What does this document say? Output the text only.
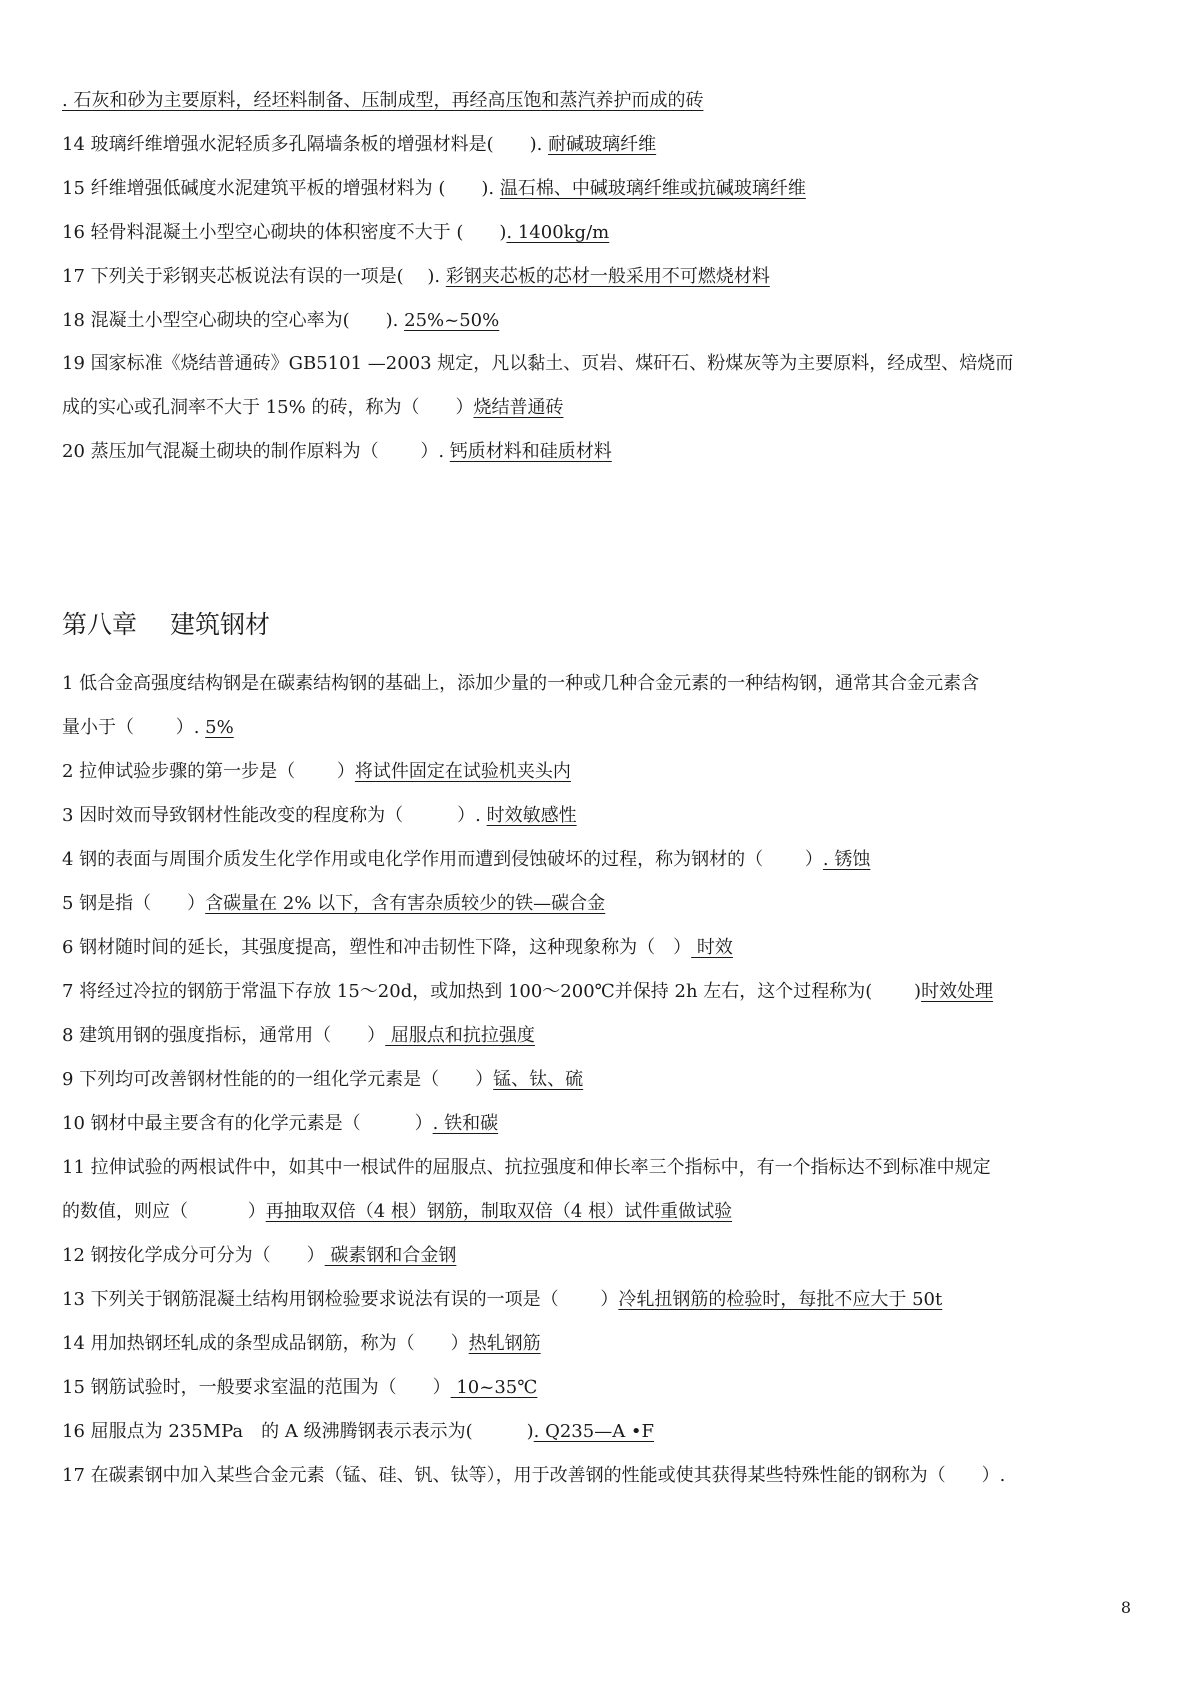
. 石灰和砂为主要原料，经坯料制备、压制成型，再经高压饱和蒸汽养护而成的砖
14 玻璃纤维增强水泥轻质多孔隔墙条板的增强材料是(　　). 耐碱玻璃纤维
15 纤维增强低碱度水泥建筑平板的增强材料为 (　　). 温石棉、中碱玻璃纤维或抗碱玻璃纤维
16 轻骨料混凝土小型空心砌块的体积密度不大于 (　　). 1400kg/m
17 下列关于彩钢夹芯板说法有误的一项是(　 ). 彩钢夹芯板的芯材一般采用不可燃烧材料
18 混凝土小型空心砌块的空心率为(　　). 25%~50%
19 国家标准《烧结普通砖》GB5101 —2003 规定，凡以黏土、页岩、煤矸石、粉煤灰等为主要原料，经成型、焙烧而
成的实心或孔洞率不大于 15% 的砖，称为（　　）烧结普通砖
20 蒸压加气混凝土砌块的制作原料为（　　 ）. 钙质材料和硅质材料
第八章　 建筑钢材
1 低合金高强度结构钢是在碳素结构钢的基础上，添加少量的一种或几种合金元素的一种结构钢，通常其合金元素含
量小于（　　 ）. 5%
2 拉伸试验步骤的第一步是（　　 ）将试件固定在试验机夹头内
3 因时效而导致钢材性能改变的程度称为（　　　）. 时效敏感性
4 钢的表面与周围介质发生化学作用或电化学作用而遭到侵蚀破坏的过程，称为钢材的（　　 ）. 锈蚀
5 钢是指（　　）含碳量在 2% 以下，含有害杂质较少的铁—碳合金
6 钢材随时间的延长，其强度提高，塑性和冲击韧性下降，这种现象称为（　） 时效
7 将经过冷拉的钢筋于常温下存放 15～20d，或加热到 100～200℃并保持 2h 左右，这个过程称为(　　 )时效处理
8 建筑用钢的强度指标，通常用（　　） 屈服点和抗拉强度
9 下列均可改善钢材性能的的一组化学元素是（　　）锰、钛、硫
10 钢材中最主要含有的化学元素是（　　　）. 铁和碳
11 拉伸试验的两根试件中，如其中一根试件的屈服点、抗拉强度和伸长率三个指标中，有一个指标达不到标准中规定
的数值，则应（　　　 ）再抽取双倍（4 根）钢筋，制取双倍（4 根）试件重做试验
12 钢按化学成分可分为（　　） 碳素钢和合金钢
13 下列关于钢筋混凝土结构用钢检验要求说法有误的一项是（　　 ）冷轧扭钢筋的检验时，每批不应大于 50t
14 用加热钢坯轧成的条型成品钢筋，称为（　　）热轧钢筋
15 钢筋试验时，一般要求室温的范围为（　　） 10~35℃
16 屈服点为 235MPa　的 A 级沸腾钢表示表示为(　　　). Q235—A •F
17 在碳素钢中加入某些合金元素（锰、硅、钒、钛等），用于改善钢的性能或使其获得某些特殊性能的钢称为（　　）.
8
